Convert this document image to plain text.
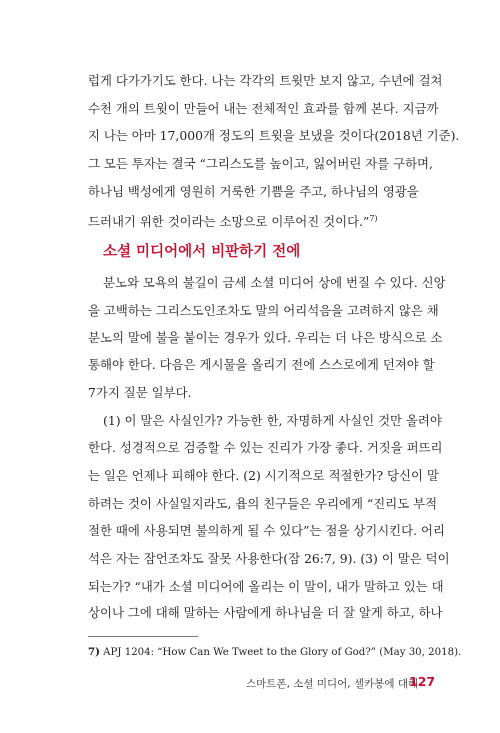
럽게 다가가기도 한다. 나는 각각의 트윗만 보지 않고, 수년에 걸쳐
수천 개의 트윗이 만들어 내는 전체적인 효과를 함께 본다. 지금까
지 나는 아마 17,000개 정도의 트윗을 보냈을 것이다(2018년 기준).
그 모든 투자는 결국 “그리스도를 높이고, 잃어버린 자를 구하며,
하나님 백성에게 영원히 거룩한 기쁨을 주고, 하나님의 영광을
드러내기 위한 것이라는 소망으로 이루어진 것이다.”$^{7)}$
소셜 미디어에서 비판하기 전에
분노와 모욕의 불길이 금세 소셜 미디어 상에 번질 수 있다. 신앙
을 고백하는 그리스도인조차도 말의 어리석음을 고려하지 않은 채
분노의 말에 불을 붙이는 경우가 있다. 우리는 더 나은 방식으로 소
통해야 한다. 다음은 게시물을 올리기 전에 스스로에게 던져야 할
7가지 질문 일부다.
(1) 이 말은 사실인가? 가능한 한, 자명하게 사실인 것만 올려야
한다. 성경적으로 검증할 수 있는 진리가 가장 좋다. 거짓을 퍼뜨리
는 일은 언제나 피해야 한다. (2) 시기적으로 적절한가? 당신이 말
하려는 것이 사실일지라도, 욥의 친구들은 우리에게 “진리도 부적
절한 때에 사용되면 불의하게 될 수 있다”는 점을 상기시킨다. 어리
석은 자는 잠언조차도 잘못 사용한다(잠 26:7, 9). (3) 이 말은 덕이
되는가? “내가 소셜 미디어에 올리는 이 말이, 내가 말하고 있는 대
상이나 그에 대해 말하는 사람에게 하나님을 더 잘 알게 하고, 하나
7) APJ 1204: “How Can We Tweet to the Glory of God?” (May 30, 2018).
스마트폰, 소셜 미디어, 셀카봉에 대해
127
